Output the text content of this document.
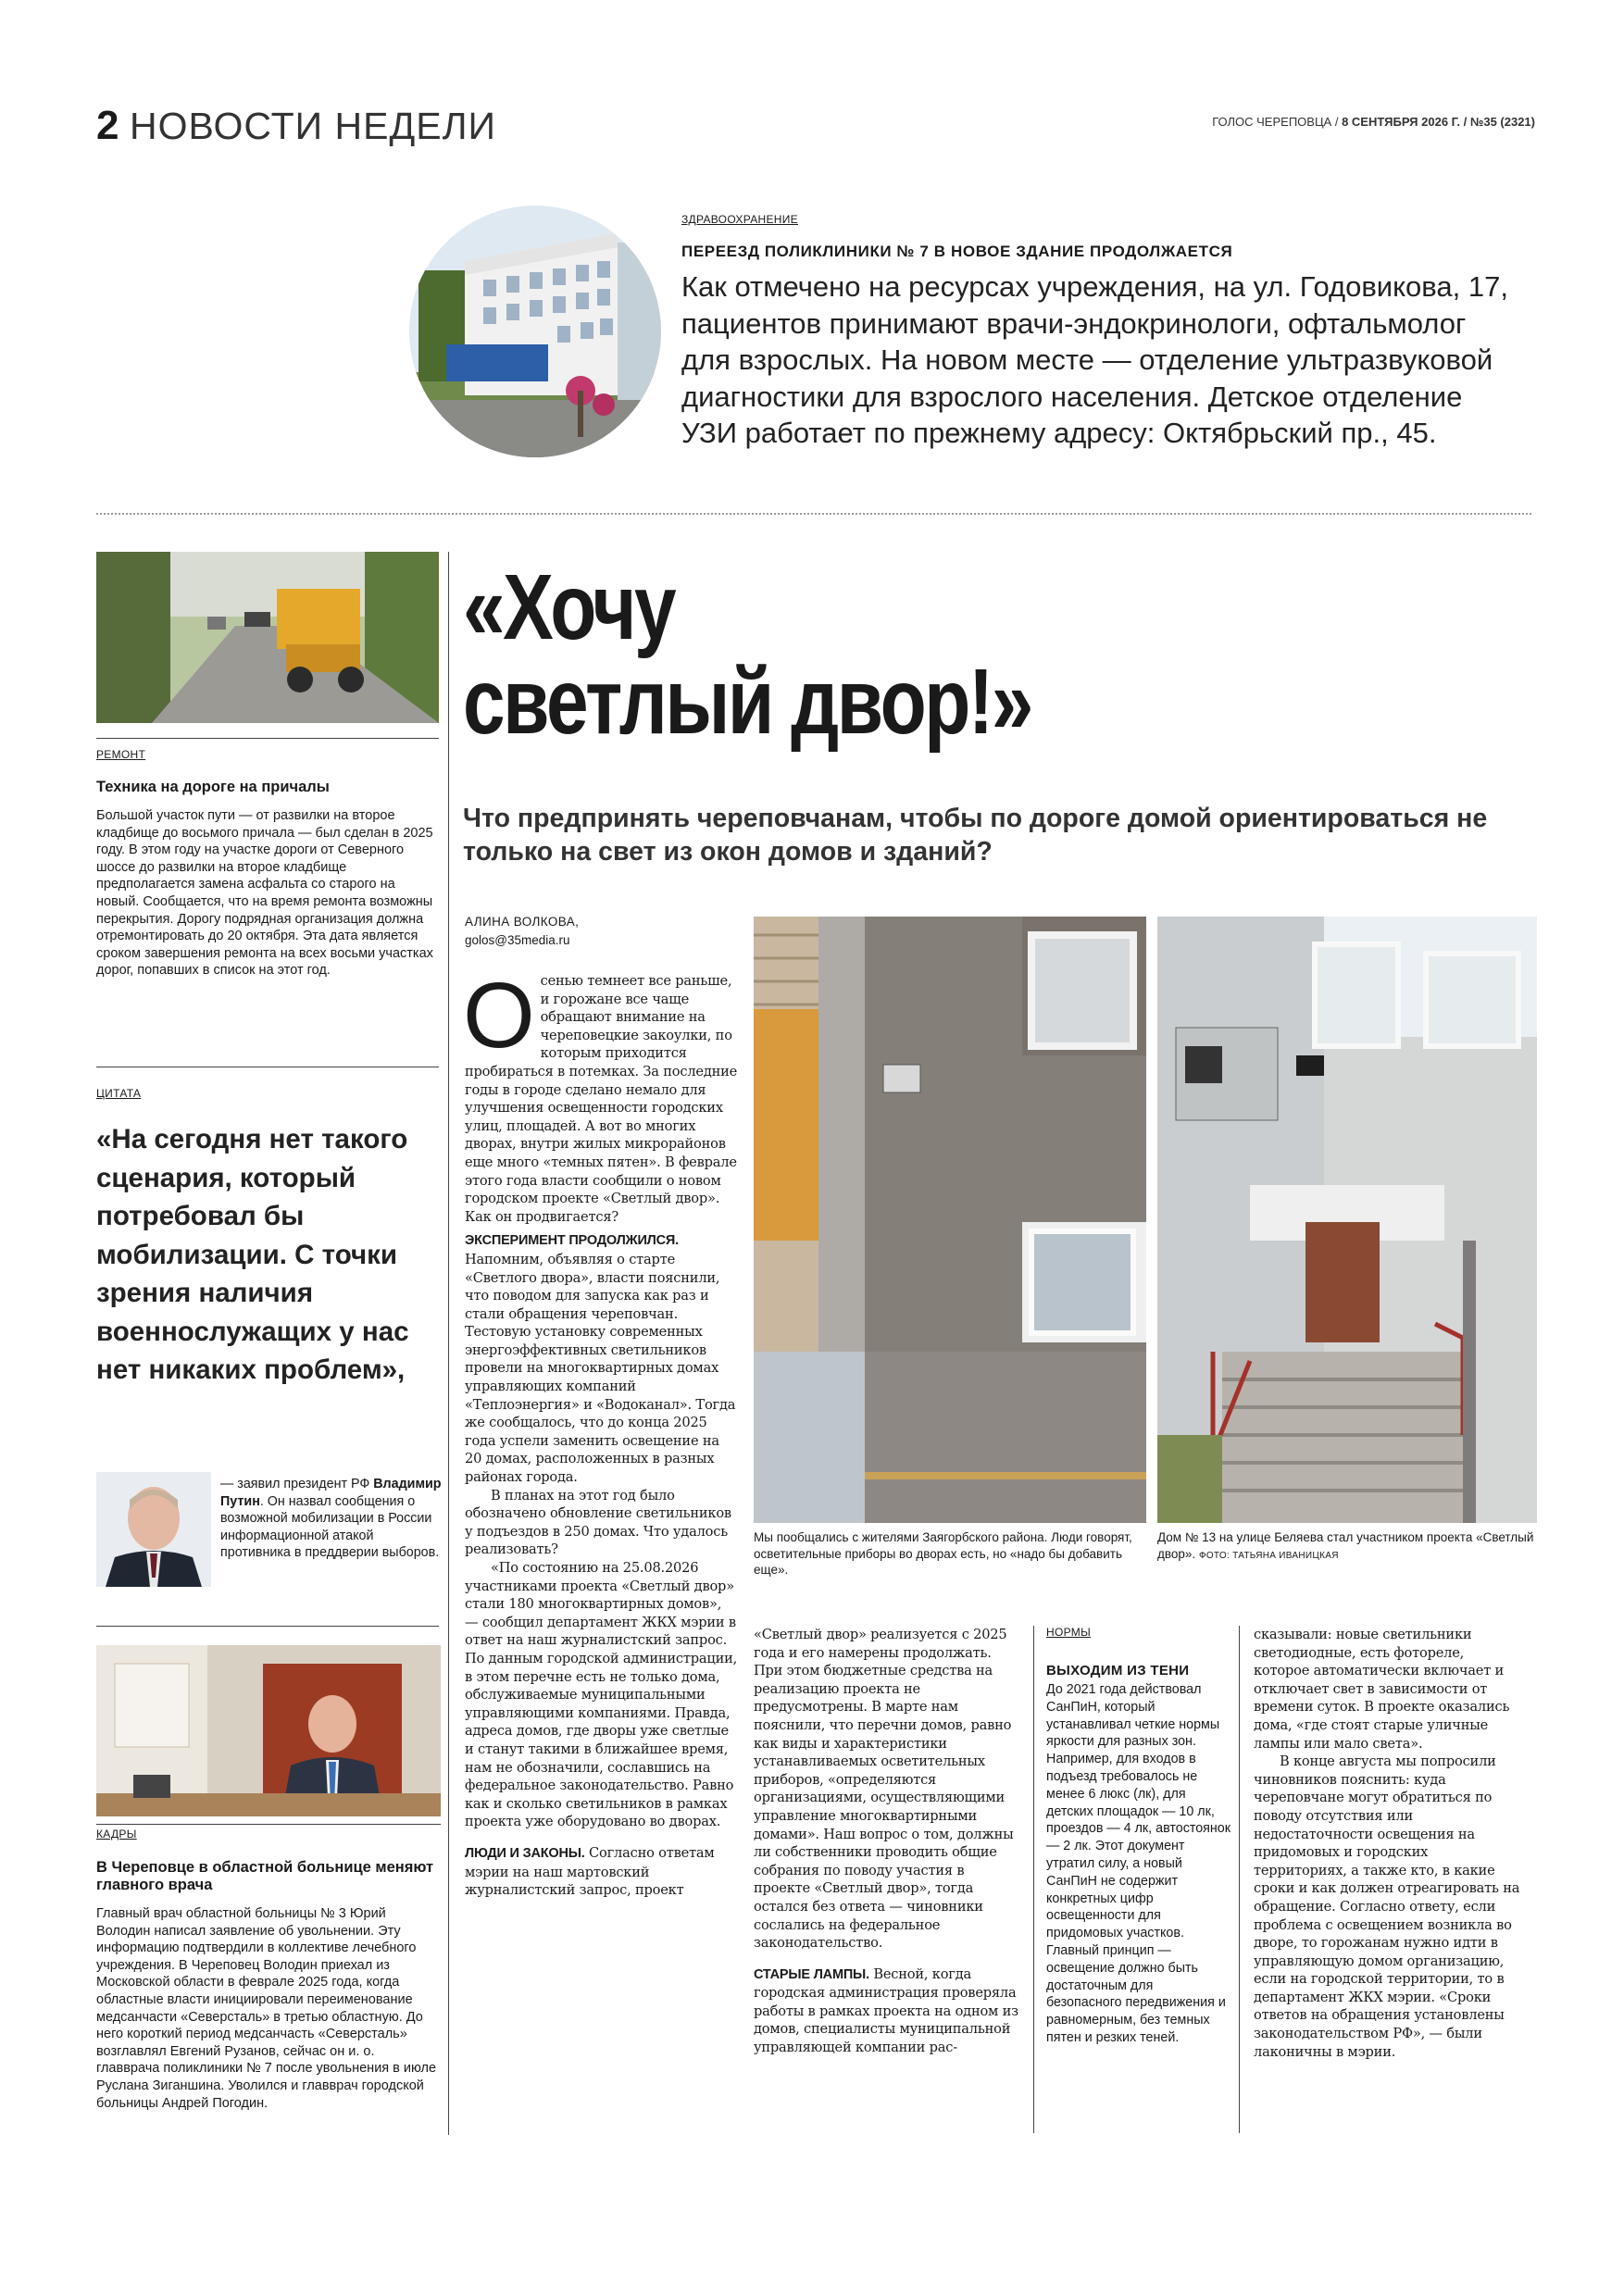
2 НОВОСТИ НЕДЕЛИ	ГОЛОС ЧЕРЕПОВЦА / 8 СЕНТЯБРЯ 2026 Г. / №35 (2321)
ЗДРАВООХРАНЕНИЕ
ПЕРЕЕЗД ПОЛИКЛИНИКИ № 7 В НОВОЕ ЗДАНИЕ ПРОДОЛЖАЕТСЯ
Как отмечено на ресурсах учреждения, на ул. Годовикова, 17, пациентов принимают врачи-эндокринологи, офтальмолог для взрослых. На новом месте — отделение ультразвуковой диагностики для взрослого населения. Детское отделение УЗИ работает по прежнему адресу: Октябрьский пр., 45.
РЕМОНТ
Техника на дороге на причалы
Большой участок пути — от развилки на второе кладбище до восьмого причала — был сделан в 2025 году. В этом году на участке дороги от Северного шоссе до развилки на второе кладбище предполагается замена асфальта со старого на новый. Сообщается, что на время ремонта возможны перекрытия. Дорогу подрядная организация должна отремонтировать до 20 октября. Эта дата является сроком завершения ремонта на всех восьми участках дорог, попавших в список на этот год.
ЦИТАТА
«На сегодня нет такого сценария, который потребовал бы мобилизации. С точки зрения наличия военнослужащих у нас нет никаких проблем»,
— заявил президент РФ Владимир Путин. Он назвал сообщения о возможной мобилизации в России информационной атакой противника в преддверии выборов.
КАДРЫ
В Череповце в областной больнице меняют главного врача
Главный врач областной больницы № 3 Юрий Володин написал заявление об увольнении. Эту информацию подтвердили в коллективе лечебного учреждения. В Череповец Володин приехал из Московской области в феврале 2025 года, когда областные власти инициировали переименование медсанчасти «Северсталь» в третью областную. До него короткий период медсанчасть «Северсталь» возглавлял Евгений Рузанов, сейчас он и. о. главврача поликлиники № 7 после увольнения в июле Руслана Зиганшина. Уволился и главврач городской больницы Андрей Погодин.
«Хочу
светлый двор!»
Что предпринять череповчанам, чтобы по дороге домой ориентироваться не только на свет из окон домов и зданий?
АЛИНА ВОЛКОВА,
golos@35media.ru
О сенью темнеет все раньше, и горожане все чаще обращают внимание на череповецкие закоулки, по которым приходится пробираться в потемках. За последние годы в городе сделано немало для улучшения освещенности городских улиц, площадей. А вот во многих дворах, внутри жилых микрорайонов еще много «темных пятен». В феврале этого года власти сообщили о новом городском проекте «Светлый двор». Как он продвигается?

ЭКСПЕРИМЕНТ ПРОДОЛЖИЛСЯ.
Напомним, объявляя о старте «Светлого двора», власти пояснили, что поводом для запуска как раз и стали обращения череповчан. Тестовую установку современных энергоэффективных светильников провели на многоквартирных домах управляющих компаний «Теплоэнергия» и «Водоканал». Тогда же сообщалось, что до конца 2025 года успели заменить освещение на 20 домах, расположенных в разных районах города.

В планах на этот год было обозначено обновление светильников у подъездов в 250 домах. Что удалось реализовать?

«По состоянию на 25.08.2026 участниками проекта «Светлый двор» стали 180 многоквартирных домов», — сообщил департамент ЖКХ мэрии в ответ на наш журналистский запрос. По данным городской администрации, в этом перечне есть не только дома, обслуживаемые муниципальными управляющими компаниями. Правда, адреса домов, где дворы уже светлые и станут такими в ближайшее время, нам не обозначили, сославшись на федеральное законодательство. Равно как и сколько светильников в рамках проекта уже оборудовано во дворах.

ЛЮДИ И ЗАКОНЫ. Согласно ответам мэрии на наш мартовский журналистский запрос, проект

Мы пообщались с жителями Заягорбского района. Люди говорят, осветительные приборы во дворах есть, но «надо бы добавить еще».
Дом № 13 на улице Беляева стал участником проекта «Светлый двор». ФОТО: ТАТЬЯНА ИВАНИЦКАЯ

«Светлый двор» реализуется с 2025 года и его намерены продолжать. При этом бюджетные средства на реализацию проекта не предусмотрены. В марте нам пояснили, что перечни домов, равно как виды и характеристики устанавливаемых осветительных приборов, «определяются организациями, осуществляющими управление многоквартирными домами». Наш вопрос о том, должны ли собственники проводить общие собрания по поводу участия в проекте «Светлый двор», тогда остался без ответа — чиновники сослались на федеральное законодательство.

СТАРЫЕ ЛАМПЫ. Весной, когда городская администрация проверяла работы в рамках проекта на одном из домов, специалисты муниципальной управляющей компании рас-

НОРМЫ
ВЫХОДИМ ИЗ ТЕНИ
До 2021 года действовал СанПиН, который устанавливал четкие нормы яркости для разных зон. Например, для входов в подъезд требовалось не менее 6 люкс (лк), для детских площадок — 10 лк, проездов — 4 лк, автостоянок — 2 лк. Этот документ утратил силу, а новый СанПиН не содержит конкретных цифр освещенности для придомовых участков. Главный принцип — освещение должно быть достаточным для безопасного передвижения и равномерным, без темных пятен и резких теней.

сказывали: новые светильники светодиодные, есть фотореле, которое автоматически включает и отключает свет в зависимости от времени суток. В проекте оказались дома, «где стоят старые уличные лампы или мало света».

В конце августа мы попросили чиновников пояснить: куда череповчане могут обратиться по поводу отсутствия или недостаточности освещения на придомовых и городских территориях, а также кто, в какие сроки и как должен отреагировать на обращение. Согласно ответу, если проблема с освещением возникла во дворе, то горожанам нужно идти в управляющую домом организацию, если на городской территории, то в департамент ЖКХ мэрии. «Сроки ответов на обращения установлены законодательством РФ», — были лаконичны в мэрии.
